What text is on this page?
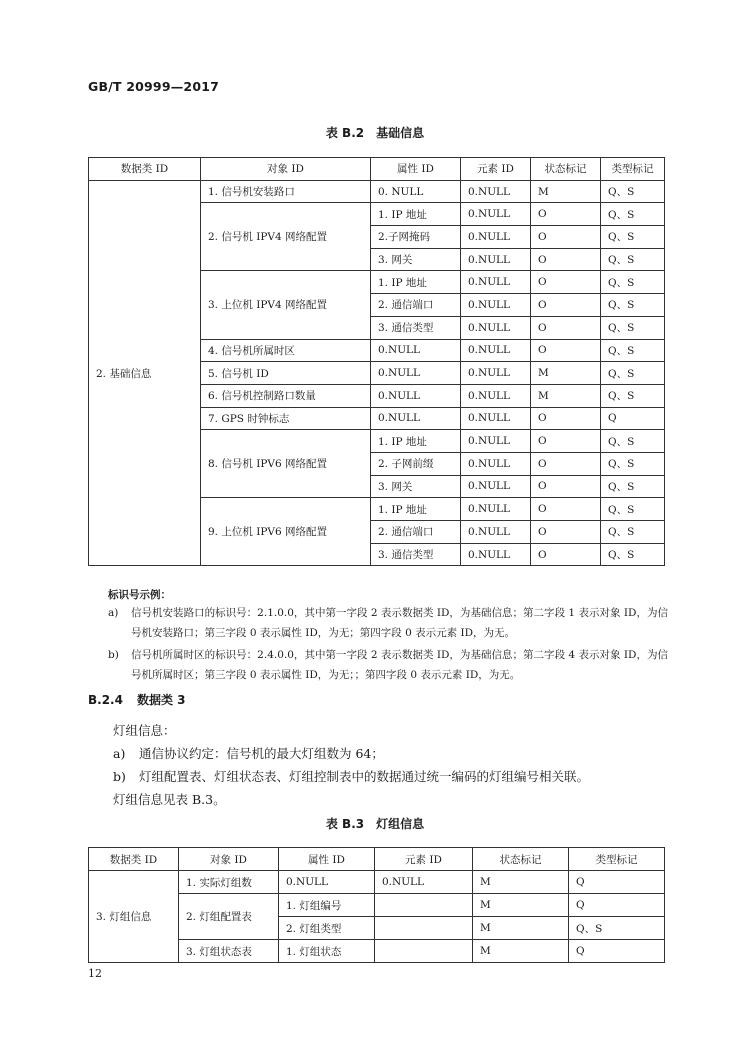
GB/T 20999—2017
表 B.2 基础信息
数据类 ID	对象 ID	属性 ID	元素 ID	状态标记	类型标记
2. 基础信息	1. 信号机安装路口	0. NULL	0.NULL	M	Q、S
	2. 信号机 IPV4 网络配置	1. IP 地址	0.NULL	O	Q、S
		2.子网掩码	0.NULL	O	Q、S
		3. 网关	0.NULL	O	Q、S
	3. 上位机 IPV4 网络配置	1. IP 地址	0.NULL	O	Q、S
		2. 通信端口	0.NULL	O	Q、S
		3. 通信类型	0.NULL	O	Q、S
	4. 信号机所属时区	0.NULL	0.NULL	O	Q、S
	5. 信号机 ID	0.NULL	0.NULL	M	Q、S
	6. 信号机控制路口数量	0.NULL	0.NULL	M	Q、S
	7. GPS 时钟标志	0.NULL	0.NULL	O	Q
	8. 信号机 IPV6 网络配置	1. IP 地址	0.NULL	O	Q、S
		2. 子网前缀	0.NULL	O	Q、S
		3. 网关	0.NULL	O	Q、S
	9. 上位机 IPV6 网络配置	1. IP 地址	0.NULL	O	Q、S
		2. 通信端口	0.NULL	O	Q、S
		3. 通信类型	0.NULL	O	Q、S
标识号示例：
a)	信号机安装路口的标识号：2.1.0.0，其中第一字段 2 表示数据类 ID，为基础信息；第二字段 1 表示对象 ID，为信号机安装路口；第三字段 0 表示属性 ID，为无；第四字段 0 表示元素 ID，为无。
b)	信号机所属时区的标识号：2.4.0.0，其中第一字段 2 表示数据类 ID，为基础信息；第二字段 4 表示对象 ID，为信号机所属时区；第三字段 0 表示属性 ID，为无；；第四字段 0 表示元素 ID，为无。
B.2.4 数据类 3
灯组信息：
a) 通信协议约定：信号机的最大灯组数为 64；
b) 灯组配置表、灯组状态表、灯组控制表中的数据通过统一编码的灯组编号相关联。
灯组信息见表 B.3。
表 B.3 灯组信息
数据类 ID	对象 ID	属性 ID	元素 ID	状态标记	类型标记
3. 灯组信息	1. 实际灯组数	0.NULL	0.NULL	M	Q
	2. 灯组配置表	1. 灯组编号		M	Q
		2. 灯组类型		M	Q、S
	3. 灯组状态表	1. 灯组状态		M	Q
12
